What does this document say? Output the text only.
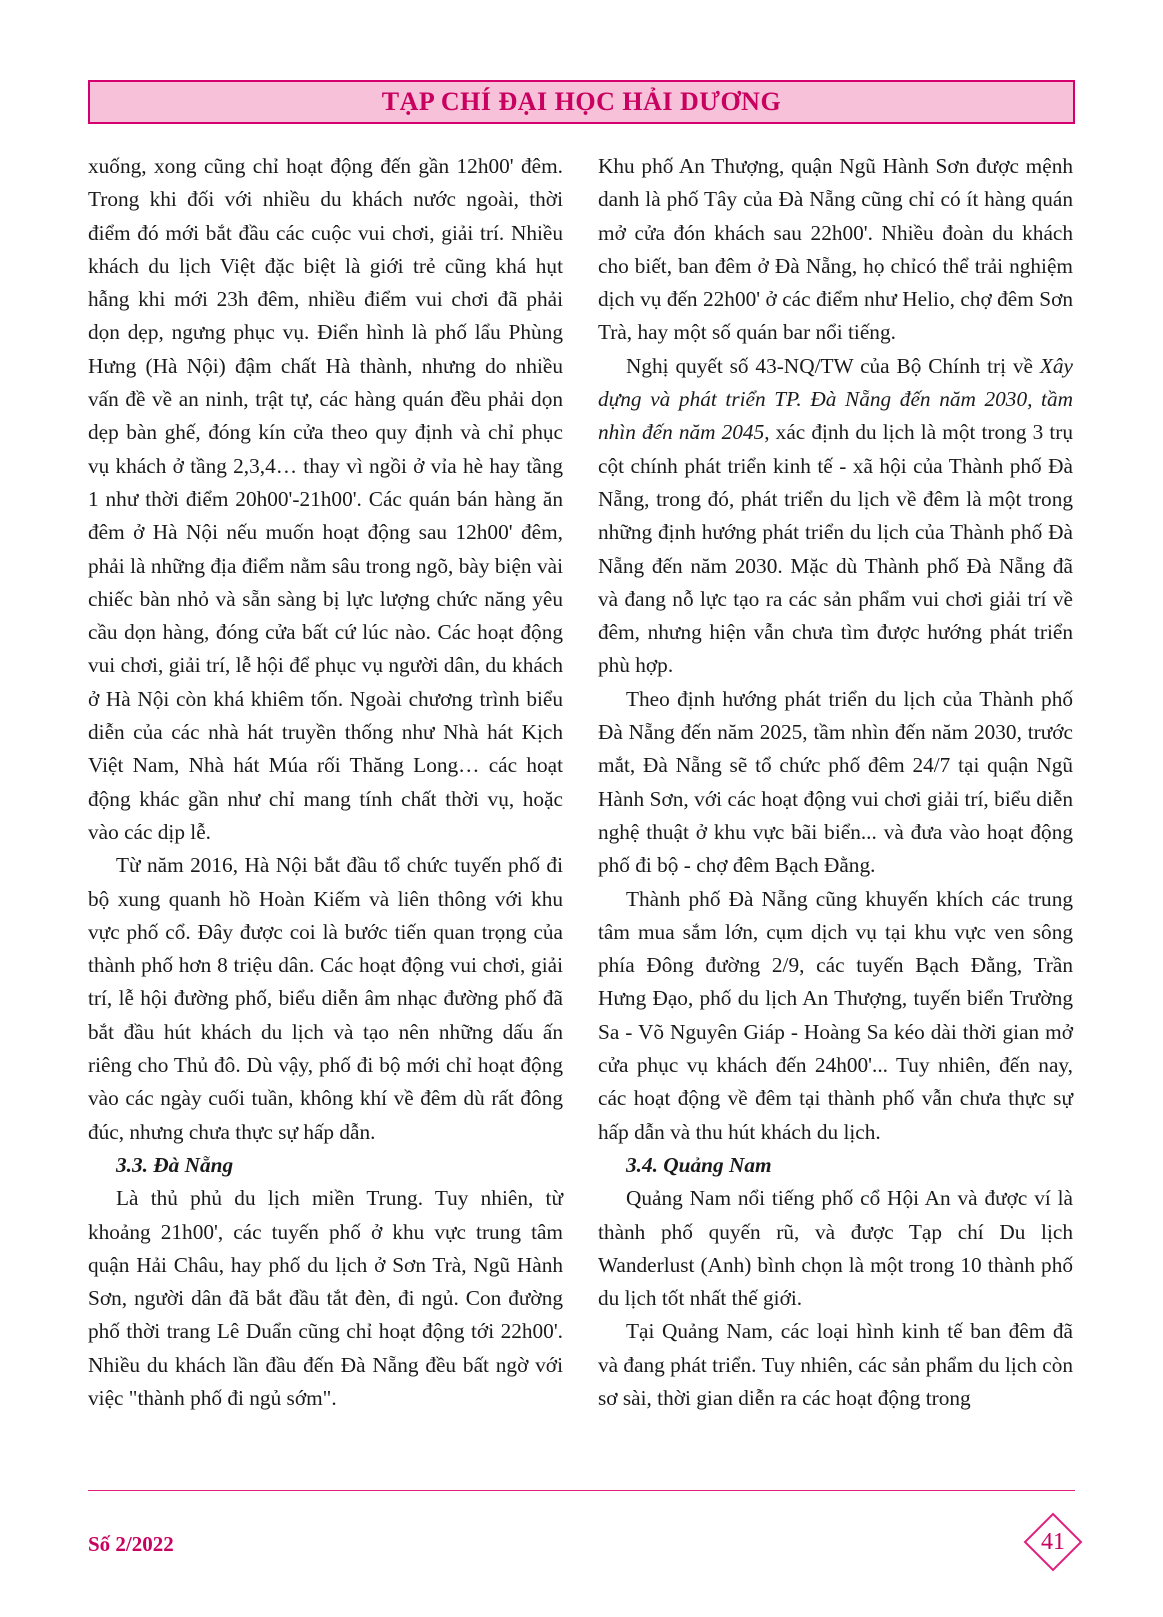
TẠP CHÍ ĐẠI HỌC HẢI DƯƠNG

xuống, xong cũng chỉ hoạt động đến gần 12h00' đêm. Trong khi đối với nhiều du khách nước ngoài, thời điểm đó mới bắt đầu các cuộc vui chơi, giải trí. Nhiều khách du lịch Việt đặc biệt là giới trẻ cũng khá hụt hẫng khi mới 23h đêm, nhiều điểm vui chơi đã phải dọn dẹp, ngưng phục vụ. Điển hình là phố lẩu Phùng Hưng (Hà Nội) đậm chất Hà thành, nhưng do nhiều vấn đề về an ninh, trật tự, các hàng quán đều phải dọn dẹp bàn ghế, đóng kín cửa theo quy định và chỉ phục vụ khách ở tầng 2,3,4… thay vì ngồi ở vỉa hè hay tầng 1 như thời điểm 20h00'-21h00'. Các quán bán hàng ăn đêm ở Hà Nội nếu muốn hoạt động sau 12h00' đêm, phải là những địa điểm nằm sâu trong ngõ, bày biện vài chiếc bàn nhỏ và sẵn sàng bị lực lượng chức năng yêu cầu dọn hàng, đóng cửa bất cứ lúc nào. Các hoạt động vui chơi, giải trí, lễ hội để phục vụ người dân, du khách ở Hà Nội còn khá khiêm tốn. Ngoài chương trình biểu diễn của các nhà hát truyền thống như Nhà hát Kịch Việt Nam, Nhà hát Múa rối Thăng Long… các hoạt động khác gần như chỉ mang tính chất thời vụ, hoặc vào các dịp lễ.

Từ năm 2016, Hà Nội bắt đầu tổ chức tuyến phố đi bộ xung quanh hồ Hoàn Kiếm và liên thông với khu vực phố cổ. Đây được coi là bước tiến quan trọng của thành phố hơn 8 triệu dân. Các hoạt động vui chơi, giải trí, lễ hội đường phố, biểu diễn âm nhạc đường phố đã bắt đầu hút khách du lịch và tạo nên những dấu ấn riêng cho Thủ đô. Dù vậy, phố đi bộ mới chỉ hoạt động vào các ngày cuối tuần, không khí về đêm dù rất đông đúc, nhưng chưa thực sự hấp dẫn.

3.3. Đà Nẵng

Là thủ phủ du lịch miền Trung. Tuy nhiên, từ khoảng 21h00', các tuyến phố ở khu vực trung tâm quận Hải Châu, hay phố du lịch ở Sơn Trà, Ngũ Hành Sơn, người dân đã bắt đầu tắt đèn, đi ngủ. Con đường phố thời trang Lê Duẩn cũng chỉ hoạt động tới 22h00'. Nhiều du khách lần đầu đến Đà Nẵng đều bất ngờ với việc "thành phố đi ngủ sớm".

Khu phố An Thượng, quận Ngũ Hành Sơn được mệnh danh là phố Tây của Đà Nẵng cũng chỉ có ít hàng quán mở cửa đón khách sau 22h00'. Nhiều đoàn du khách cho biết, ban đêm ở Đà Nẵng, họ chỉcó thể trải nghiệm dịch vụ đến 22h00' ở các điểm như Helio, chợ đêm Sơn Trà, hay một số quán bar nổi tiếng.

Nghị quyết số 43-NQ/TW của Bộ Chính trị về Xây dựng và phát triển TP. Đà Nẵng đến năm 2030, tầm nhìn đến năm 2045, xác định du lịch là một trong 3 trụ cột chính phát triển kinh tế - xã hội của Thành phố Đà Nẵng, trong đó, phát triển du lịch về đêm là một trong những định hướng phát triển du lịch của Thành phố Đà Nẵng đến năm 2030. Mặc dù Thành phố Đà Nẵng đã và đang nỗ lực tạo ra các sản phẩm vui chơi giải trí về đêm, nhưng hiện vẫn chưa tìm được hướng phát triển phù hợp.

Theo định hướng phát triển du lịch của Thành phố Đà Nẵng đến năm 2025, tầm nhìn đến năm 2030, trước mắt, Đà Nẵng sẽ tổ chức phố đêm 24/7 tại quận Ngũ Hành Sơn, với các hoạt động vui chơi giải trí, biểu diễn nghệ thuật ở khu vực bãi biển... và đưa vào hoạt động phố đi bộ - chợ đêm Bạch Đằng.

Thành phố Đà Nẵng cũng khuyến khích các trung tâm mua sắm lớn, cụm dịch vụ tại khu vực ven sông phía Đông đường 2/9, các tuyến Bạch Đằng, Trần Hưng Đạo, phố du lịch An Thượng, tuyến biển Trường Sa - Võ Nguyên Giáp - Hoàng Sa kéo dài thời gian mở cửa phục vụ khách đến 24h00'... Tuy nhiên, đến nay, các hoạt động về đêm tại thành phố vẫn chưa thực sự hấp dẫn và thu hút khách du lịch.

3.4. Quảng Nam

Quảng Nam nổi tiếng phố cổ Hội An và được ví là thành phố quyến rũ, và được Tạp chí Du lịch Wanderlust (Anh) bình chọn là một trong 10 thành phố du lịch tốt nhất thế giới.

Tại Quảng Nam, các loại hình kinh tế ban đêm đã và đang phát triển. Tuy nhiên, các sản phẩm du lịch còn sơ sài, thời gian diễn ra các hoạt động trong

Số 2/2022	41
